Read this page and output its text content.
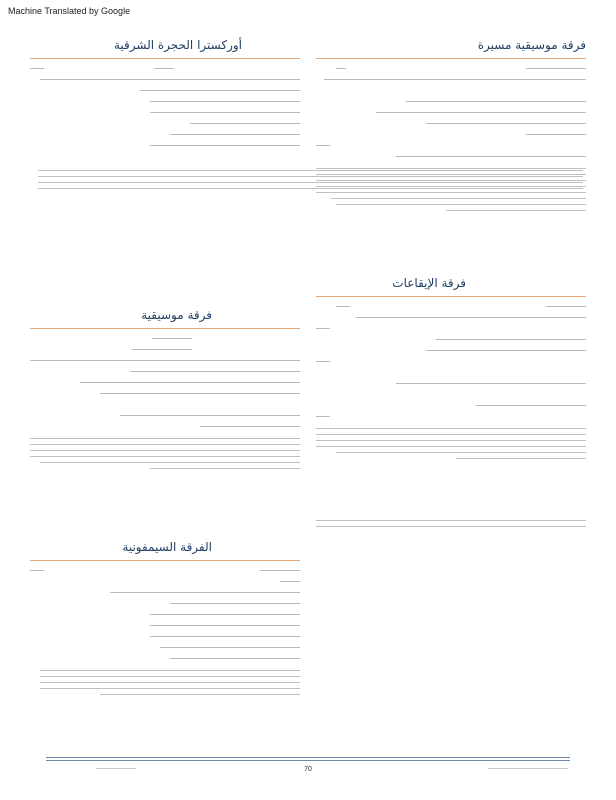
Machine Translated by Google
فرقة موسيقية مسيرة
أوركسترا الحجرة الشرقية
فرقة الإيقاعات
فرقة موسيقية
الفرقة السيمفونية
70
